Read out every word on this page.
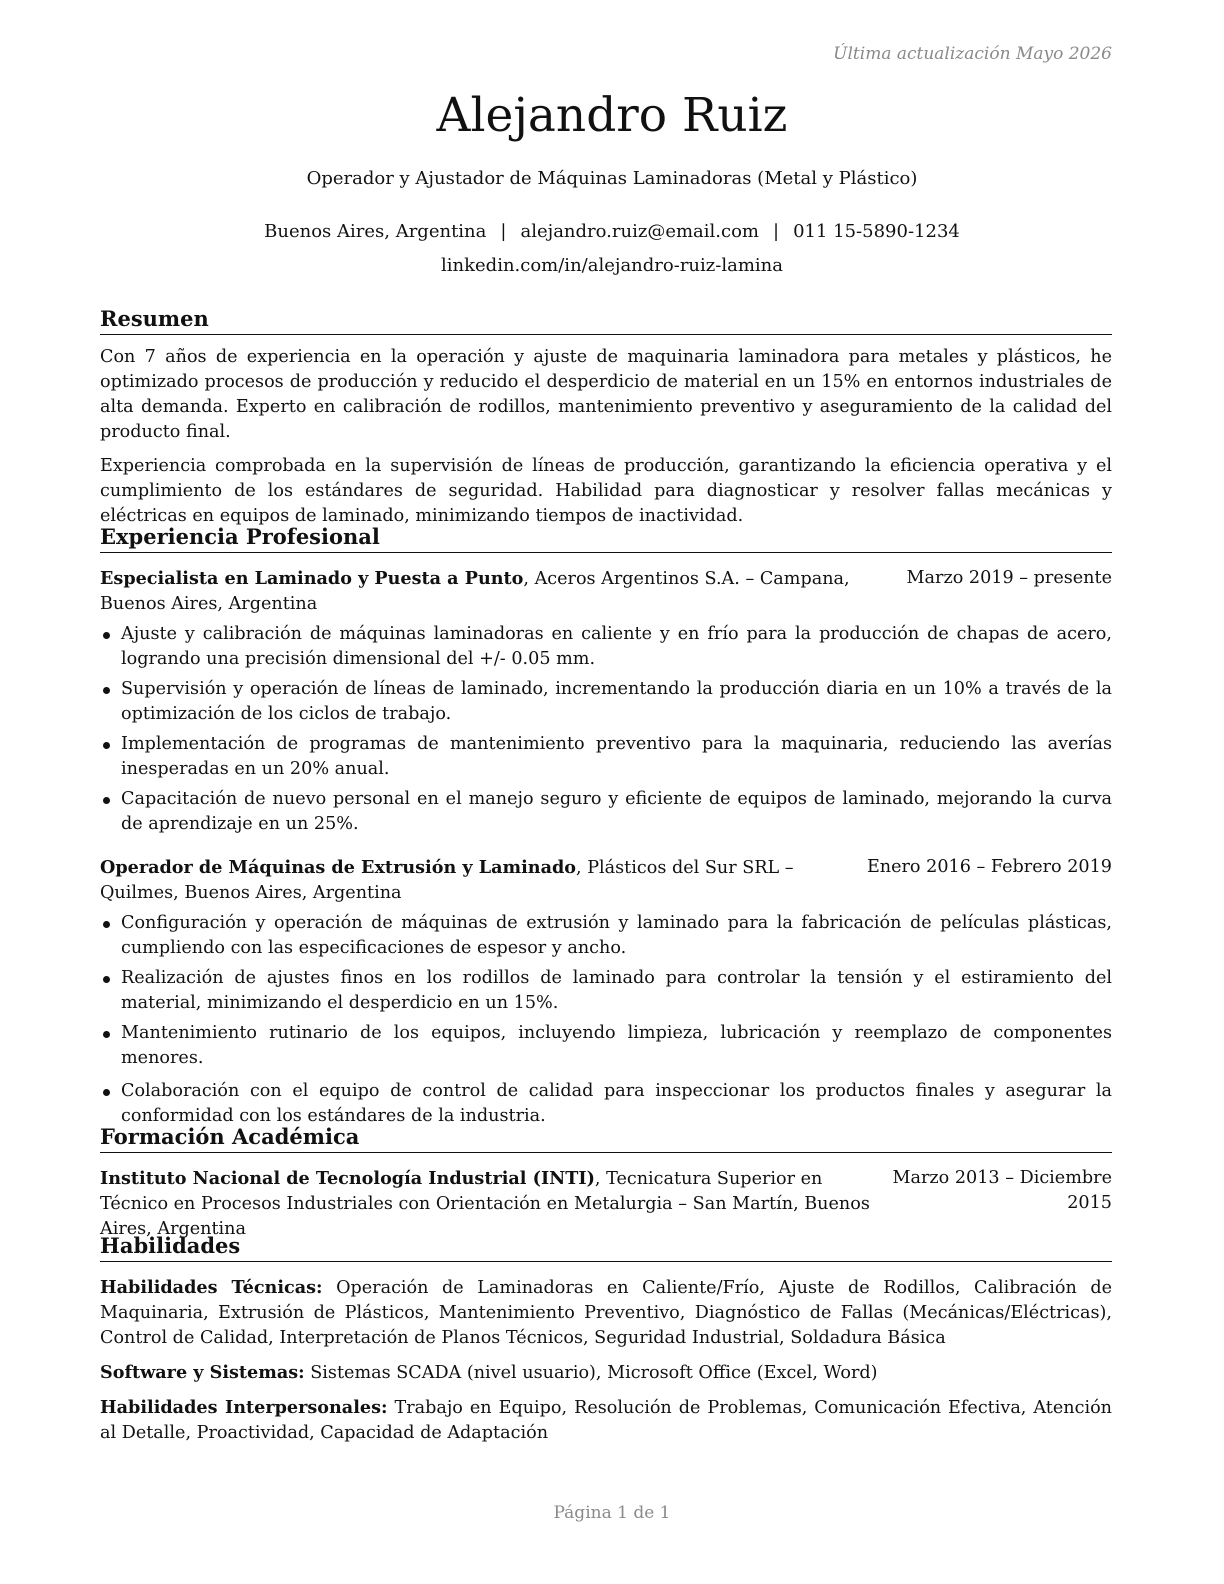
Última actualización Mayo 2026
Alejandro Ruiz
Operador y Ajustador de Máquinas Laminadoras (Metal y Plástico)
Buenos Aires, Argentina | alejandro.ruiz@email.com | 011 15-5890-1234
linkedin.com/in/alejandro-ruiz-lamina
Resumen

Con 7 años de experiencia en la operación y ajuste de maquinaria laminadora para metales y plásticos, he optimizado procesos de producción y reducido el desperdicio de material en un 15% en entornos industriales de alta demanda. Experto en calibración de rodillos, mantenimiento preventivo y aseguramiento de la calidad del producto final.

Experiencia comprobada en la supervisión de líneas de producción, garantizando la eficiencia operativa y el cumplimiento de los estándares de seguridad. Habilidad para diagnosticar y resolver fallas mecánicas y eléctricas en equipos de laminado, minimizando tiempos de inactividad.

Experiencia Profesional
Especialista en Laminado y Puesta a Punto, Aceros Argentinos S.A. – Campana, Buenos Aires, Argentina
Marzo 2019 – presente
Ajuste y calibración de máquinas laminadoras en caliente y en frío para la producción de chapas de acero, logrando una precisión dimensional del +/- 0.05 mm.
Supervisión y operación de líneas de laminado, incrementando la producción diaria en un 10% a través de la optimización de los ciclos de trabajo.
Implementación de programas de mantenimiento preventivo para la maquinaria, reduciendo las averías inesperadas en un 20% anual.
Capacitación de nuevo personal en el manejo seguro y eficiente de equipos de laminado, mejorando la curva de aprendizaje en un 25%.
Operador de Máquinas de Extrusión y Laminado, Plásticos del Sur SRL – Quilmes, Buenos Aires, Argentina
Enero 2016 – Febrero 2019
Configuración y operación de máquinas de extrusión y laminado para la fabricación de películas plásticas, cumpliendo con las especificaciones de espesor y ancho.
Realización de ajustes finos en los rodillos de laminado para controlar la tensión y el estiramiento del material, minimizando el desperdicio en un 15%.
Mantenimiento rutinario de los equipos, incluyendo limpieza, lubricación y reemplazo de componentes menores.
Colaboración con el equipo de control de calidad para inspeccionar los productos finales y asegurar la conformidad con los estándares de la industria.
Formación Académica
Instituto Nacional de Tecnología Industrial (INTI), Tecnicatura Superior en Técnico en Procesos Industriales con Orientación en Metalurgia – San Martín, Buenos Aires, Argentina
Marzo 2013 – Diciembre
2015
Habilidades

Habilidades Técnicas: Operación de Laminadoras en Caliente/Frío, Ajuste de Rodillos, Calibración de Maquinaria, Extrusión de Plásticos, Mantenimiento Preventivo, Diagnóstico de Fallas (Mecánicas/Eléctricas), Control de Calidad, Interpretación de Planos Técnicos, Seguridad Industrial, Soldadura Básica

Software y Sistemas: Sistemas SCADA (nivel usuario), Microsoft Office (Excel, Word)

Habilidades Interpersonales: Trabajo en Equipo, Resolución de Problemas, Comunicación Efectiva, Atención al Detalle, Proactividad, Capacidad de Adaptación

Página 1 de 1
